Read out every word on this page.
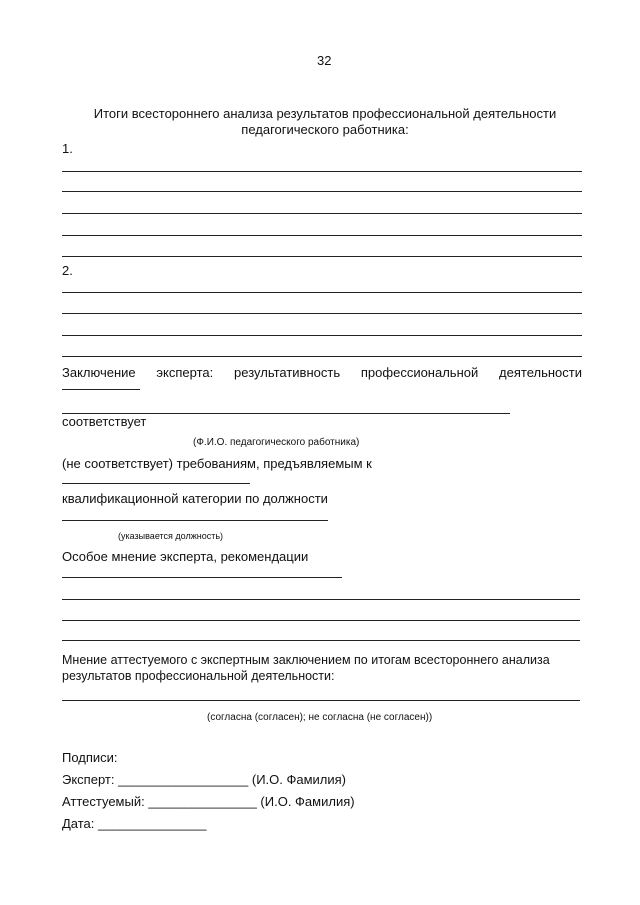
32
Итоги всестороннего анализа результатов профессиональной деятельности
педагогического работника:
1.
2.
Заключение эксперта: результативность профессиональной деятельности
соответствует
(Ф.И.О. педагогического работника)
(не соответствует) требованиям, предъявляемым к
квалификационной категории по должности
(указывается должность)
Особое мнение эксперта, рекомендации
Мнение аттестуемого с экспертным заключением по итогам всестороннего анализа
результатов профессиональной деятельности:
(согласна (согласен); не согласна (не согласен))
Подписи:
Эксперт: __________________ (И.О. Фамилия)
Аттестуемый: _______________ (И.О. Фамилия)
Дата: _______________
